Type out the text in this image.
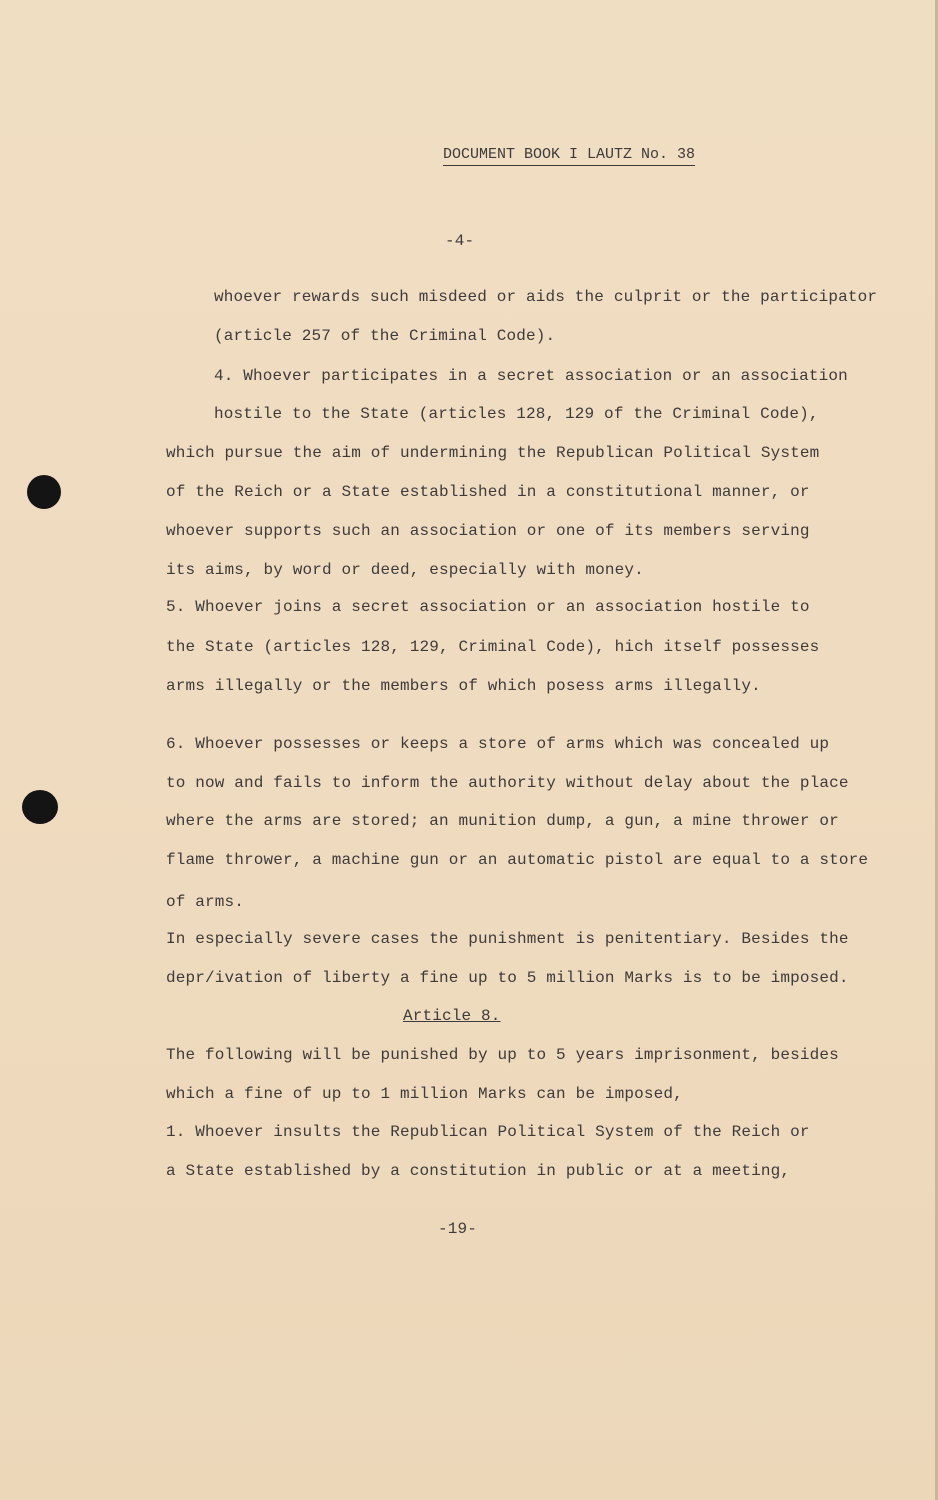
DOCUMENT BOOK I LAUTZ No. 38
-4-
whoever rewards such misdeed or aids the culprit or the participator
(article 257 of the Criminal Code).
4. Whoever participates in a secret association or an association
hostile to the State (articles 128, 129 of the Criminal Code),
which pursue the aim of undermining the Republican Political System
of the Reich or a State established in a constitutional manner, or
whoever supports such an association or one of its members serving
its aims, by word or deed, especially with money.
5. Whoever joins a secret association or an association hostile to
the State (articles 128, 129, Criminal Code), hich itself possesses
arms illegally or the members of which posess arms illegally.
6. Whoever possesses or keeps a store of arms which was concealed up
to now and fails to inform the authority without delay about the place
where the arms are stored; an munition dump, a gun, a mine thrower or
flame thrower, a machine gun or an automatic pistol are equal to a store
of arms.
In especially severe cases the punishment is penitentiary. Besides the
depr/ivation of liberty a fine up to 5 million Marks is to be imposed.
Article 8.
The following will be punished by up to 5 years imprisonment, besides
which a fine of up to 1 million Marks can be imposed,
1. Whoever insults the Republican Political System of the Reich or
a State established by a constitution in public or at a meeting,
-19-
